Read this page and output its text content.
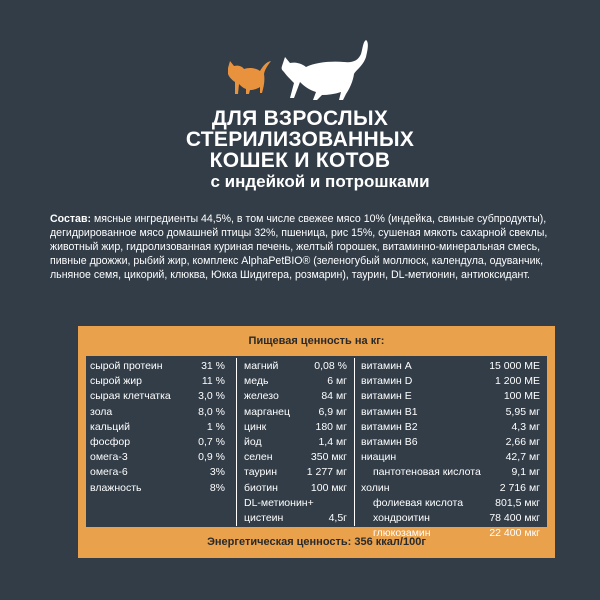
ДЛЯ ВЗРОСЛЫХ
СТЕРИЛИЗОВАННЫХ
КОШЕК И КОТОВ
с индейкой и потрошками
Состав: мясные ингредиенты 44,5%, в том числе свежее мясо 10% (индейка, свиные субпродукты), дегидрированное мясо домашней птицы 32%, пшеница, рис 15%, сушеная мякоть сахарной свеклы, животный жир, гидролизованная куриная печень, желтый горошек, витаминно-минеральная смесь, пивные дрожжи, рыбий жир, комплекс AlphaPetBIO® (зеленогубый моллюск, календула, одуванчик, льняное семя, цикорий, клюква, Юкка Шидигера, розмарин), таурин, DL-метионин, антиоксидант.
Пищевая ценность на кг:
сырой протеин	31 %
сырой жир	11 %
сырая клетчатка	3,0 %
зола	8,0 %
кальций	1 %
фосфор	0,7 %
омега-3	0,9 %
омега-6	3%
влажность	8%
магний	0,08 %
медь	6 мг
железо	84 мг
марганец	6,9 мг
цинк	180 мг
йод	1,4 мг
селен	350 мкг
таурин	1 277 мг
биотин	100 мкг
DL-метионин+
цистеин	4,5г
витамин А	15 000 МЕ
витамин D	1 200 МЕ
витамин Е	100 МЕ
витамин В1	5,95 мг
витамин В2	4,3 мг
витамин В6	2,66 мг
ниацин	42,7 мг
пантотеновая кислота	9,1 мг
холин	2 716 мг
фолиевая кислота	801,5 мкг
хондроитин	78 400 мкг
глюкозамин	22 400 мкг
Энергетическая ценность: 356 ккал/100г
